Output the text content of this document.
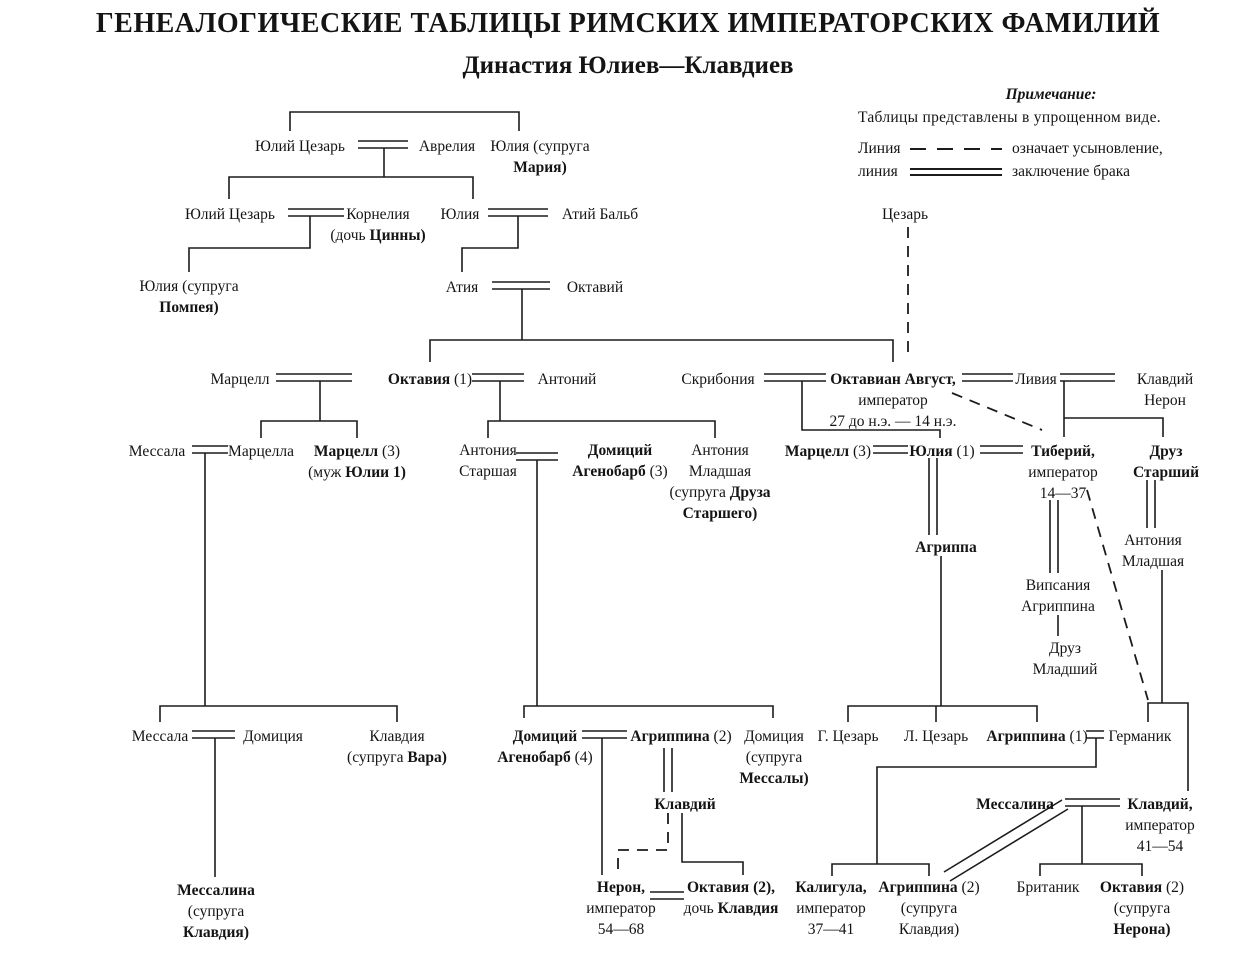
ГЕНЕАЛОГИЧЕСКИЕ ТАБЛИЦЫ РИМСКИХ ИМПЕРАТОРСКИХ ФАМИЛИЙ
Династия Юлиев—Клавдиев
Примечание:
Таблицы представлены в упрощенном виде.
Линия	означает усыновление,
линия	заключение брака
Юлий Цезарь	Аврелия Юлия (супруга
Мария)
Юлий Цезарь	Корнелия
(дочь Цинны)
Юлия	Атий Бальб	Цезарь
Юлия (супруга
Помпея)
Атия	Октавий
Марцелл	Октавия (1)	Антоний	Скрибония	Октавиан Август,
император
27 до н.э. — 14 н.э.
Ливия	Клавдий
Нерон
Мессала	Марцелла	Марцелл (3)
(муж Юлии 1)
Антония
Старшая
Домиций
Агенобарб (3)
Антония
Младшая
(супруга Друза
Старшего)
Марцелл (3) Юлия (1)	Тиберий,
император
14—37
Друз
Старший
Агриппа
Випсания
Агриппина
Друз
Младший
Антония
Младшая
Мессала	Домиция	Клавдия
(супруга Вара)
Домиций
Агенобарб (4)
Агриппина (2) Домиция
(супруга
Мессалы)
Г. Цезарь Л. Цезарь Агриппина (1) Германик
Клавдий	Мессалина	Клавдий,
император
41—54
Мессалина
(супруга
Клавдия)
Нерон,
император
54—68
Октавия (2),
дочь Клавдия
Калигула,
император
37—41
Агриппина (2)
(супруга
Клавдия)
Британик Октавия (2)
(супруга
Нерона)
